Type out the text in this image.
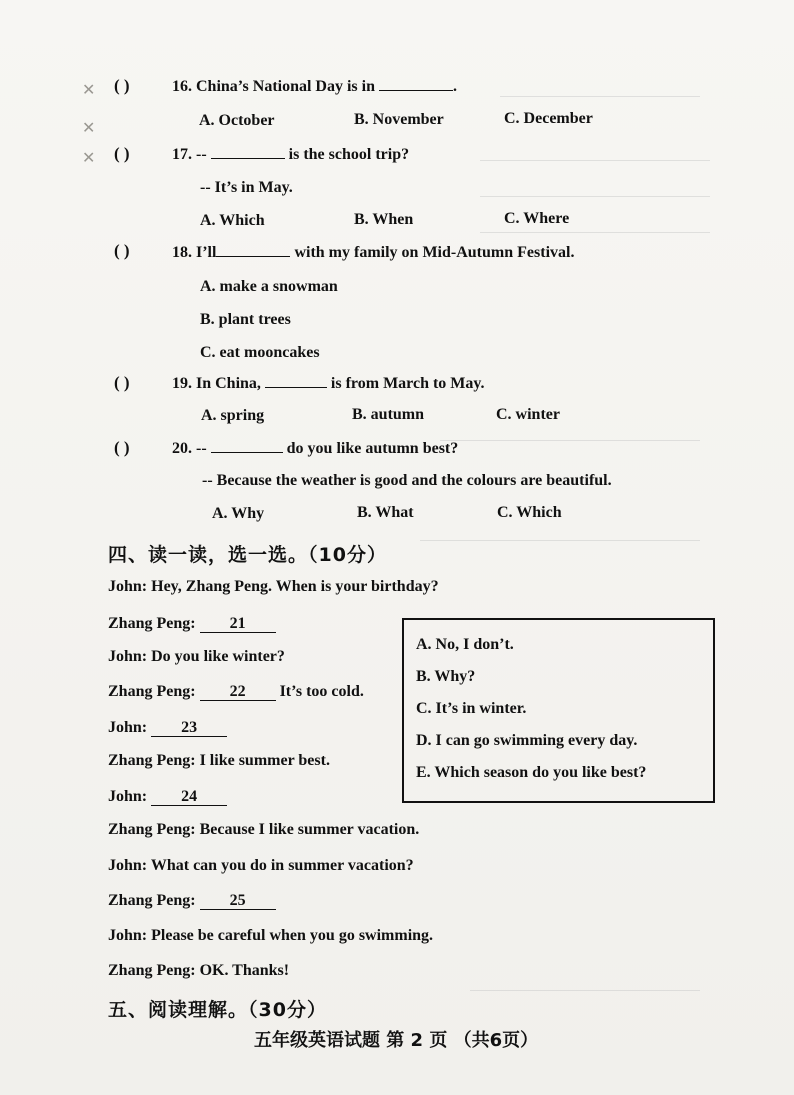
✕
✕
✕
( )	16. China’s National Day is in	.
A. October	B. November	C. December
( )	17. --	is the school trip?
-- It’s in May.
A. Which	B. When	C. Where
( )	18. I’ll	with my family on Mid-Autumn Festival.
A. make a snowman
B. plant trees
C. eat mooncakes
( )	19. In China,	is from March to May.
A. spring	B. autumn	C. winter
( )	20. --	do you like autumn best?
-- Because the weather is good and the colours are beautiful.
A. Why	B. What	C. Which
四、读一读，选一选。（10分）
John: Hey, Zhang Peng. When is your birthday?
Zhang Peng: 21
John: Do you like winter?
Zhang Peng: 22 It’s too cold.
John: 23
Zhang Peng: I like summer best.
John: 24
Zhang Peng: Because I like summer vacation.
John: What can you do in summer vacation?
Zhang Peng: 25
John: Please be careful when you go swimming.
Zhang Peng: OK. Thanks!
A. No, I don’t.
B. Why?
C. It’s in winter.
D. I can go swimming every day.
E. Which season do you like best?
五、阅读理解。（30分）
五年级英语试题 第 2 页 （共6页）
